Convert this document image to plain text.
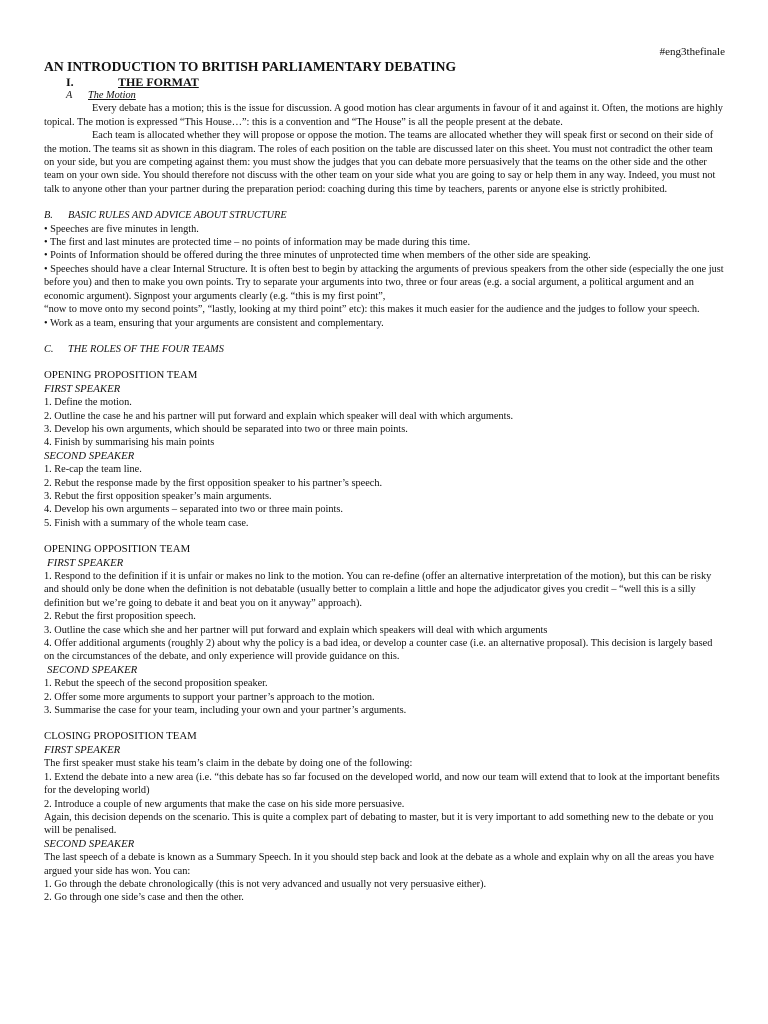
#eng3thefinale

AN INTRODUCTION TO BRITISH PARLIAMENTARY DEBATING

I.	THE FORMAT

A The Motion

Every debate has a motion; this is the issue for discussion. A good motion has clear arguments in favour of it and against it. Often, the motions are highly topical. The motion is expressed “This House…”: this is a convention and “The House” is all the people present at the debate.

Each team is allocated whether they will propose or oppose the motion. The teams are allocated whether they will speak first or second on their side of the motion. The teams sit as shown in this diagram. The roles of each position on the table are discussed later on this sheet. You must not contradict the other team on your side, but you are competing against them: you must show the judges that you can debate more persuasively that the teams on the other side and the other team on your own side. You should therefore not discuss with the other team on your side what you are going to say or help them in any way. Indeed, you must not talk to anyone other than your partner during the preparation period: coaching during this time by teachers, parents or anyone else is strictly prohibited.

B. BASIC RULES AND ADVICE ABOUT STRUCTURE

• Speeches are five minutes in length.

• The first and last minutes are protected time – no points of information may be made during this time.

• Points of Information should be offered during the three minutes of unprotected time when members of the other side are speaking.

• Speeches should have a clear Internal Structure. It is often best to begin by attacking the arguments of previous speakers from the other side (especially the one just before you) and then to make you own points. Try to separate your arguments into two, three or four areas (e.g. a social argument, a political argument and an economic argument). Signpost your arguments clearly (e.g. “this is my first point”,

“now to move onto my second points”, “lastly, looking at my third point” etc): this makes it much easier for the audience and the judges to follow your speech.

• Work as a team, ensuring that your arguments are consistent and complementary.

C. THE ROLES OF THE FOUR TEAMS

OPENING PROPOSITION TEAM

FIRST SPEAKER

1. Define the motion.

2. Outline the case he and his partner will put forward and explain which speaker will deal with which arguments.

3. Develop his own arguments, which should be separated into two or three main points.

4. Finish by summarising his main points

SECOND SPEAKER

1. Re-cap the team line.

2. Rebut the response made by the first opposition speaker to his partner’s speech.

3. Rebut the first opposition speaker’s main arguments.

4. Develop his own arguments – separated into two or three main points.

5. Finish with a summary of the whole team case.

OPENING OPPOSITION TEAM

FIRST SPEAKER

1. Respond to the definition if it is unfair or makes no link to the motion. You can re-define (offer an alternative interpretation of the motion), but this can be risky and should only be done when the definition is not debatable (usually better to complain a little and hope the adjudicator gives you credit – “well this is a silly

definition but we’re going to debate it and beat you on it anyway” approach).

2. Rebut the first proposition speech.

3. Outline the case which she and her partner will put forward and explain which speakers will deal with which arguments

4. Offer additional arguments (roughly 2) about why the policy is a bad idea, or develop a counter case (i.e. an alternative proposal). This decision is largely based on the circumstances of the debate, and only experience will provide guidance on this.

SECOND SPEAKER

1. Rebut the speech of the second proposition speaker.

2. Offer some more arguments to support your partner’s approach to the motion.

3. Summarise the case for your team, including your own and your partner’s arguments.

CLOSING PROPOSITION TEAM

FIRST SPEAKER

The first speaker must stake his team’s claim in the debate by doing one of the following:

1. Extend the debate into a new area (i.e. “this debate has so far focused on the developed world, and now our team will extend that to look at the important benefits for the developing world)

2. Introduce a couple of new arguments that make the case on his side more persuasive.

Again, this decision depends on the scenario. This is quite a complex part of debating to master, but it is very important to add something new to the debate or you will be penalised.

SECOND SPEAKER

The last speech of a debate is known as a Summary Speech. In it you should step back and look at the debate as a whole and explain why on all the areas you have argued your side has won. You can:

1. Go through the debate chronologically (this is not very advanced and usually not very persuasive either).

2. Go through one side’s case and then the other.
